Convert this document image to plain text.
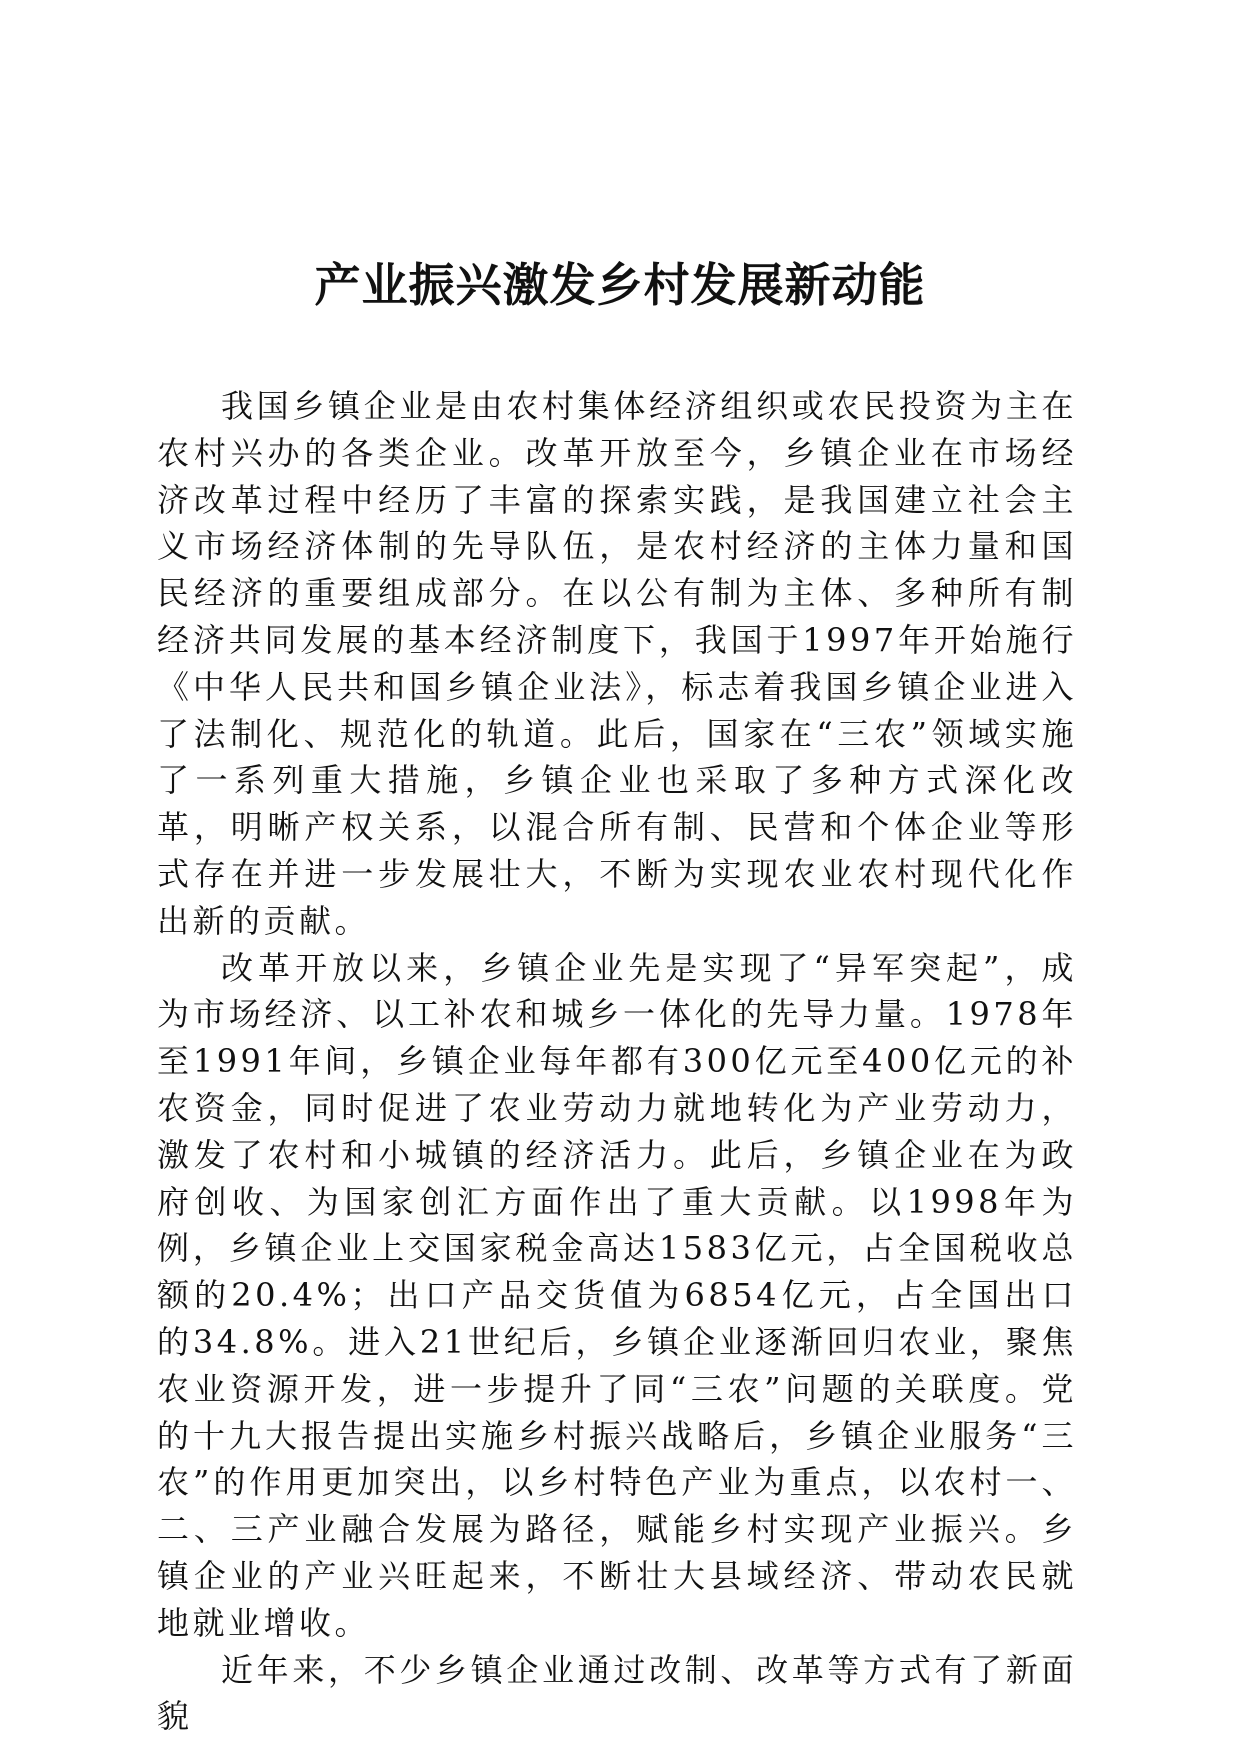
产业振兴激发乡村发展新动能

我国乡镇企业是由农村集体经济组织或农民投资为主在农村兴办的各类企业。改革开放至今，乡镇企业在市场经济改革过程中经历了丰富的探索实践，是我国建立社会主义市场经济体制的先导队伍，是农村经济的主体力量和国民经济的重要组成部分。在以公有制为主体、多种所有制经济共同发展的基本经济制度下，我国于1997年开始施行《中华人民共和国乡镇企业法》，标志着我国乡镇企业进入了法制化、规范化的轨道。此后，国家在“三农”领域实施了一系列重大措施，乡镇企业也采取了多种方式深化改革，明晰产权关系，以混合所有制、民营和个体企业等形式存在并进一步发展壮大，不断为实现农业农村现代化作出新的贡献。

改革开放以来，乡镇企业先是实现了“异军突起”，成为市场经济、以工补农和城乡一体化的先导力量。1978年至1991年间，乡镇企业每年都有300亿元至400亿元的补农资金，同时促进了农业劳动力就地转化为产业劳动力，激发了农村和小城镇的经济活力。此后，乡镇企业在为政府创收、为国家创汇方面作出了重大贡献。以1998年为例，乡镇企业上交国家税金高达1583亿元，占全国税收总额的20.4%；出口产品交货值为6854亿元，占全国出口的34.8%。进入21世纪后，乡镇企业逐渐回归农业，聚焦农业资源开发，进一步提升了同“三农”问题的关联度。党的十九大报告提出实施乡村振兴战略后，乡镇企业服务“三农”的作用更加突出，以乡村特色产业为重点，以农村一、二、三产业融合发展为路径，赋能乡村实现产业振兴。乡镇企业的产业兴旺起来，不断壮大县域经济、带动农民就地就业增收。

近年来，不少乡镇企业通过改制、改革等方式有了新面貌
